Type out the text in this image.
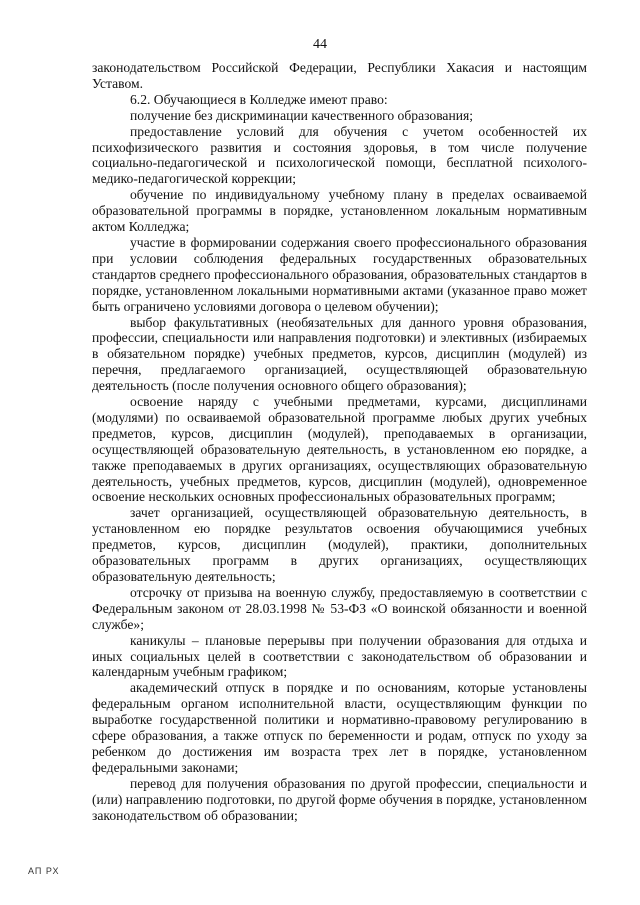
44

законодательством Российской Федерации, Республики Хакасия и настоящим Уставом.

6.2. Обучающиеся в Колледже имеют право:

получение без дискриминации качественного образования;

предоставление условий для обучения с учетом особенностей их психофизического развития и состояния здоровья, в том числе получение социально-педагогической и психологической помощи, бесплатной психолого-медико-педагогической коррекции;

обучение по индивидуальному учебному плану в пределах осваиваемой образовательной программы в порядке, установленном локальным нормативным актом Колледжа;

участие в формировании содержания своего профессионального образования при условии соблюдения федеральных государственных образовательных стандартов среднего профессионального образования, образовательных стандартов в порядке, установленном локальными нормативными актами (указанное право может быть ограничено условиями договора о целевом обучении);

выбор факультативных (необязательных для данного уровня образования, профессии, специальности или направления подготовки) и элективных (избираемых в обязательном порядке) учебных предметов, курсов, дисциплин (модулей) из перечня, предлагаемого организацией, осуществляющей образовательную деятельность (после получения основного общего образования);

освоение наряду с учебными предметами, курсами, дисциплинами (модулями) по осваиваемой образовательной программе любых других учебных предметов, курсов, дисциплин (модулей), преподаваемых в организации, осуществляющей образовательную деятельность, в установленном ею порядке, а также преподаваемых в других организациях, осуществляющих образовательную деятельность, учебных предметов, курсов, дисциплин (модулей), одновременное освоение нескольких основных профессиональных образовательных программ;

зачет организацией, осуществляющей образовательную деятельность, в установленном ею порядке результатов освоения обучающимися учебных предметов, курсов, дисциплин (модулей), практики, дополнительных образовательных программ в других организациях, осуществляющих образовательную деятельность;

отсрочку от призыва на военную службу, предоставляемую в соответствии с Федеральным законом от 28.03.1998 № 53-ФЗ «О воинской обязанности и военной службе»;

каникулы – плановые перерывы при получении образования для отдыха и иных социальных целей в соответствии с законодательством об образовании и календарным учебным графиком;

академический отпуск в порядке и по основаниям, которые установлены федеральным органом исполнительной власти, осуществляющим функции по выработке государственной политики и нормативно-правовому регулированию в сфере образования, а также отпуск по беременности и родам, отпуск по уходу за ребенком до достижения им возраста трех лет в порядке, установленном федеральными законами;

перевод для получения образования по другой профессии, специальности и (или) направлению подготовки, по другой форме обучения в порядке, установленном законодательством об образовании;

АП РХ
